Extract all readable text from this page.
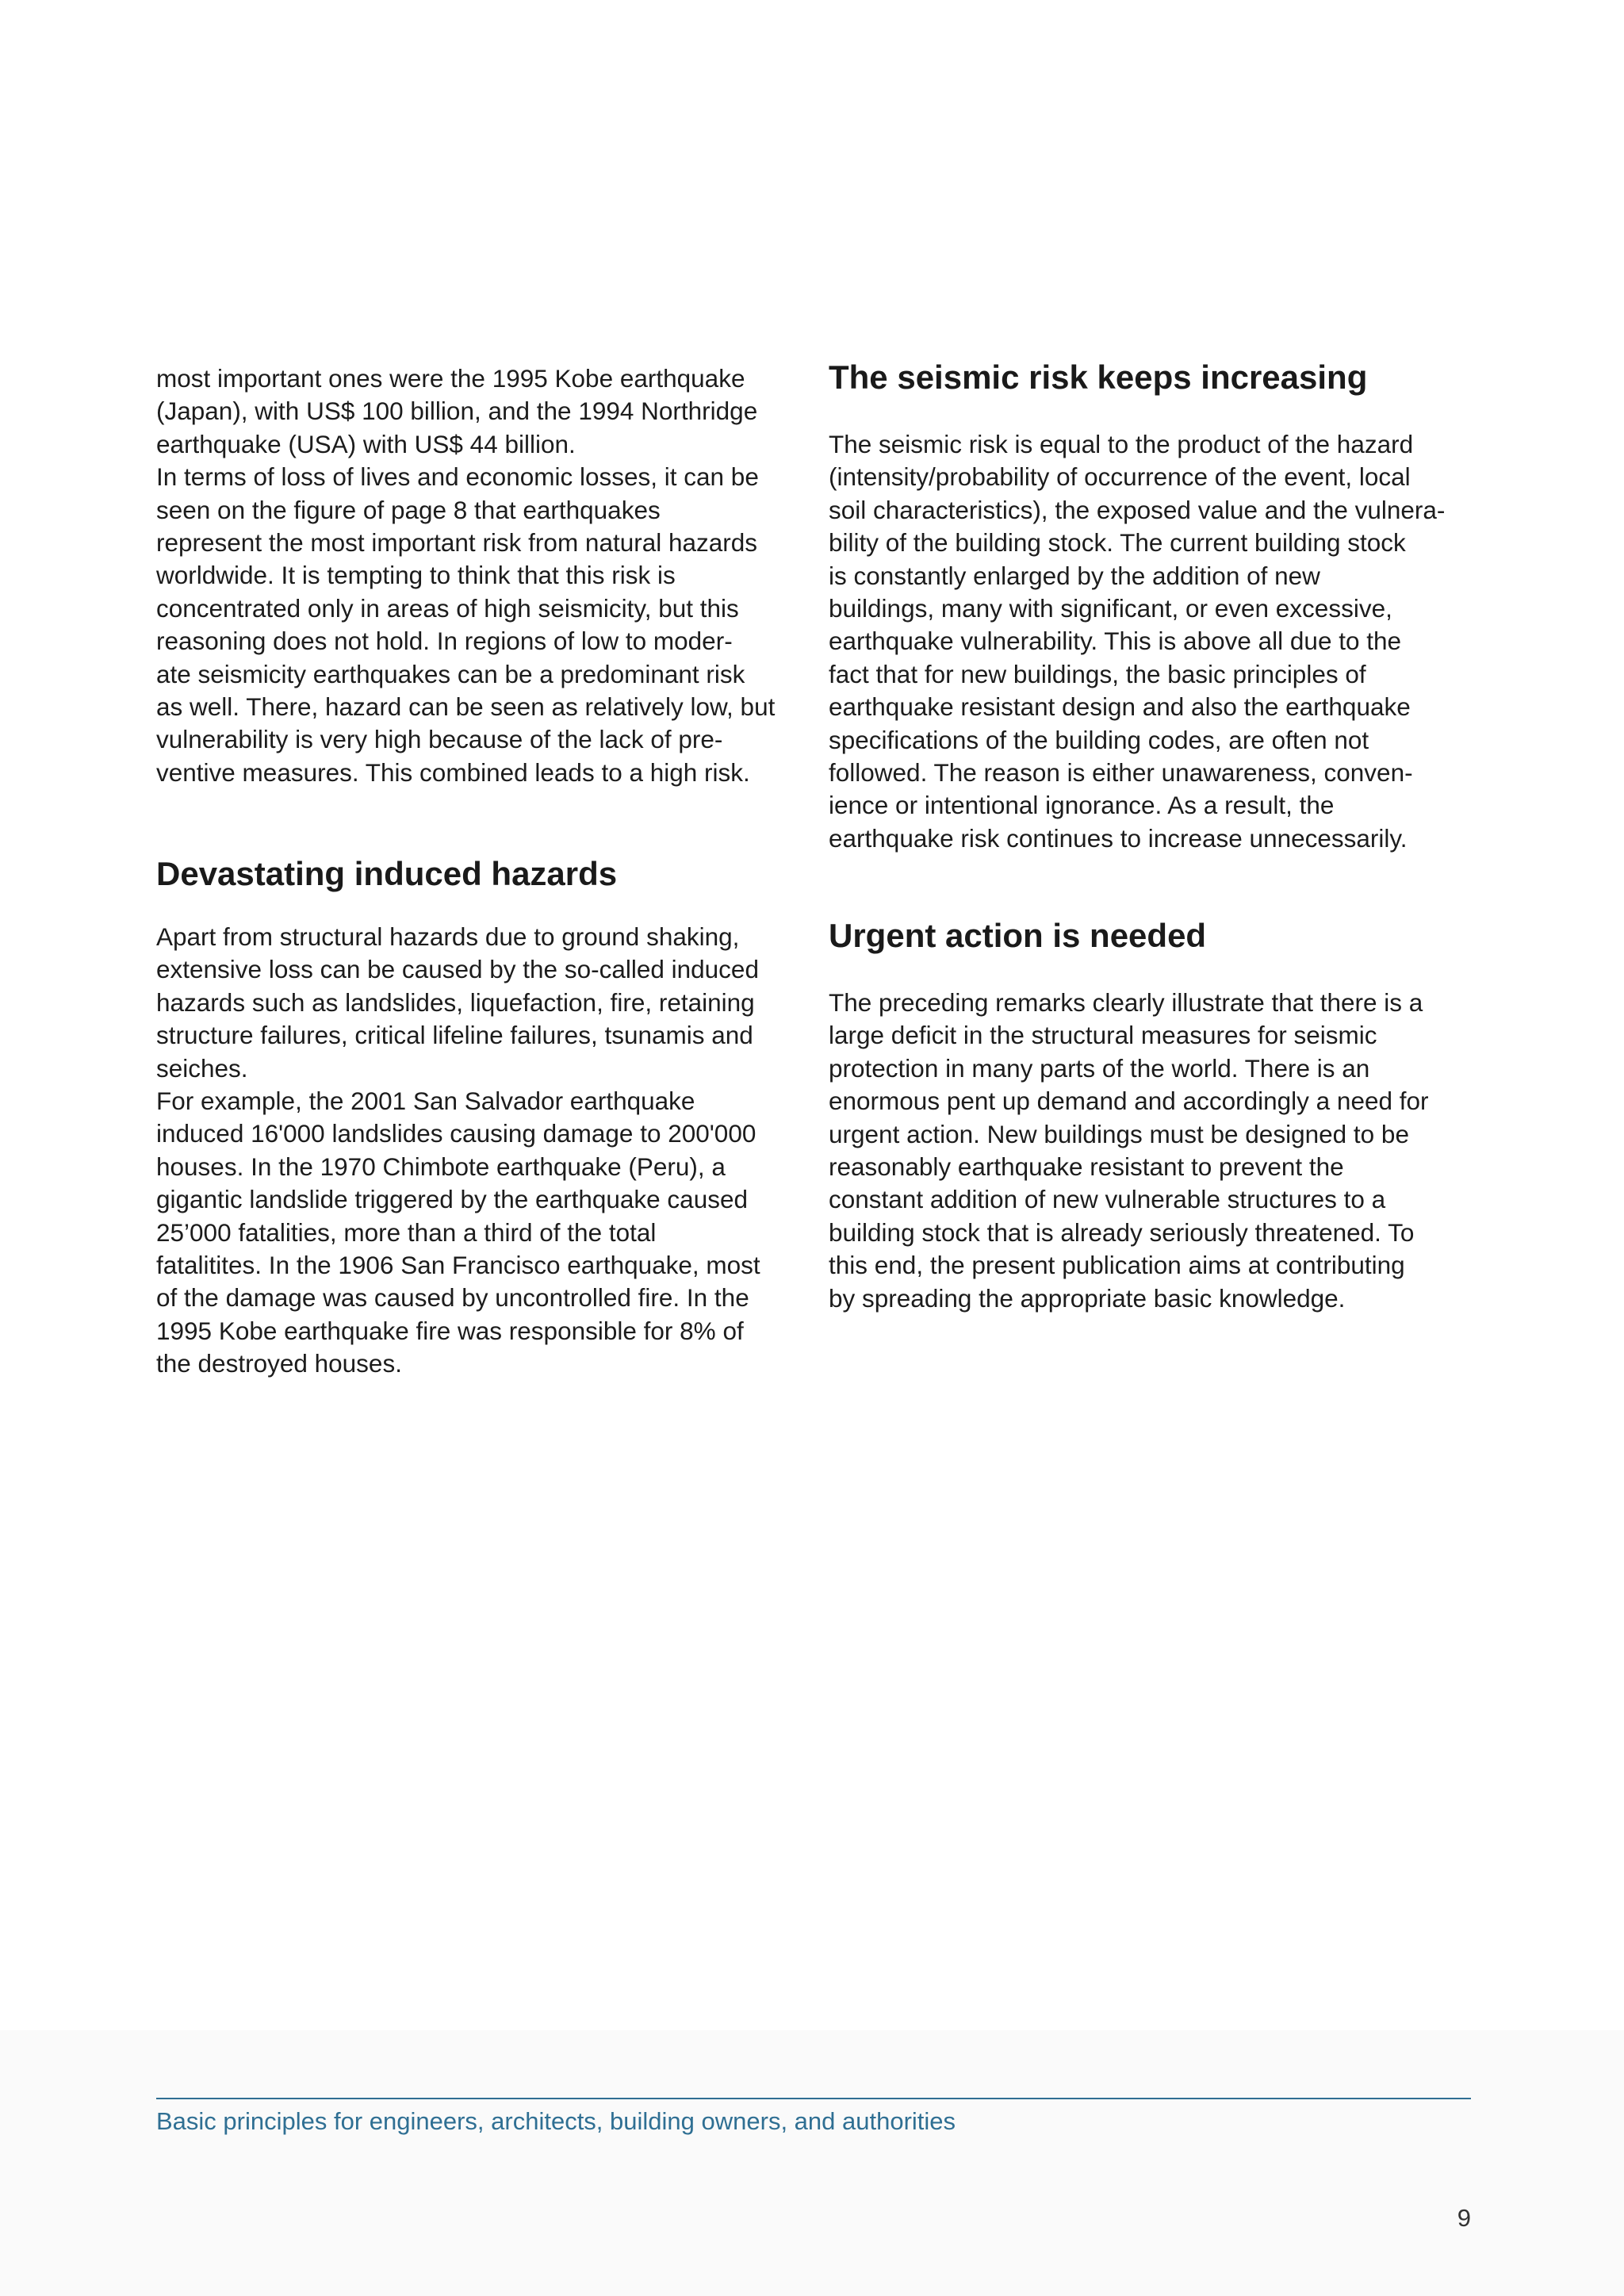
most important ones were the 1995 Kobe earthquake
(Japan), with US$ 100 billion, and the 1994 Northridge
earthquake (USA) with US$ 44 billion.
In terms of loss of lives and economic losses, it can be
seen on the figure of page 8 that earthquakes
represent the most important risk from natural hazards
worldwide. It is tempting to think that this risk is
concentrated only in areas of high seismicity, but this
reasoning does not hold. In regions of low to moder-
ate seismicity earthquakes can be a predominant risk
as well. There, hazard can be seen as relatively low, but
vulnerability is very high because of the lack of pre-
ventive measures. This combined leads to a high risk.

Devastating induced hazards

Apart from structural hazards due to ground shaking,
extensive loss can be caused by the so-called induced
hazards such as landslides, liquefaction, fire, retaining
structure failures, critical lifeline failures, tsunamis and
seiches.
For example, the 2001 San Salvador earthquake
induced 16'000 landslides causing damage to 200'000
houses. In the 1970 Chimbote earthquake (Peru), a
gigantic landslide triggered by the earthquake caused
25’000 fatalities, more than a third of the total
fatalitites. In the 1906 San Francisco earthquake, most
of the damage was caused by uncontrolled fire. In the
1995 Kobe earthquake fire was responsible for 8% of
the destroyed houses.

The seismic risk keeps increasing

The seismic risk is equal to the product of the hazard
(intensity/probability of occurrence of the event, local
soil characteristics), the exposed value and the vulnera-
bility of the building stock. The current building stock
is constantly enlarged by the addition of new
buildings, many with significant, or even excessive,
earthquake vulnerability. This is above all due to the
fact that for new buildings, the basic principles of
earthquake resistant design and also the earthquake
specifications of the building codes, are often not
followed. The reason is either unawareness, conven-
ience or intentional ignorance. As a result, the
earthquake risk continues to increase unnecessarily.

Urgent action is needed

The preceding remarks clearly illustrate that there is a
large deficit in the structural measures for seismic
protection in many parts of the world. There is an
enormous pent up demand and accordingly a need for
urgent action. New buildings must be designed to be
reasonably earthquake resistant to prevent the
constant addition of new vulnerable structures to a
building stock that is already seriously threatened. To
this end, the present publication aims at contributing
by spreading the appropriate basic knowledge.

Basic principles for engineers, architects, building owners, and authorities
9
